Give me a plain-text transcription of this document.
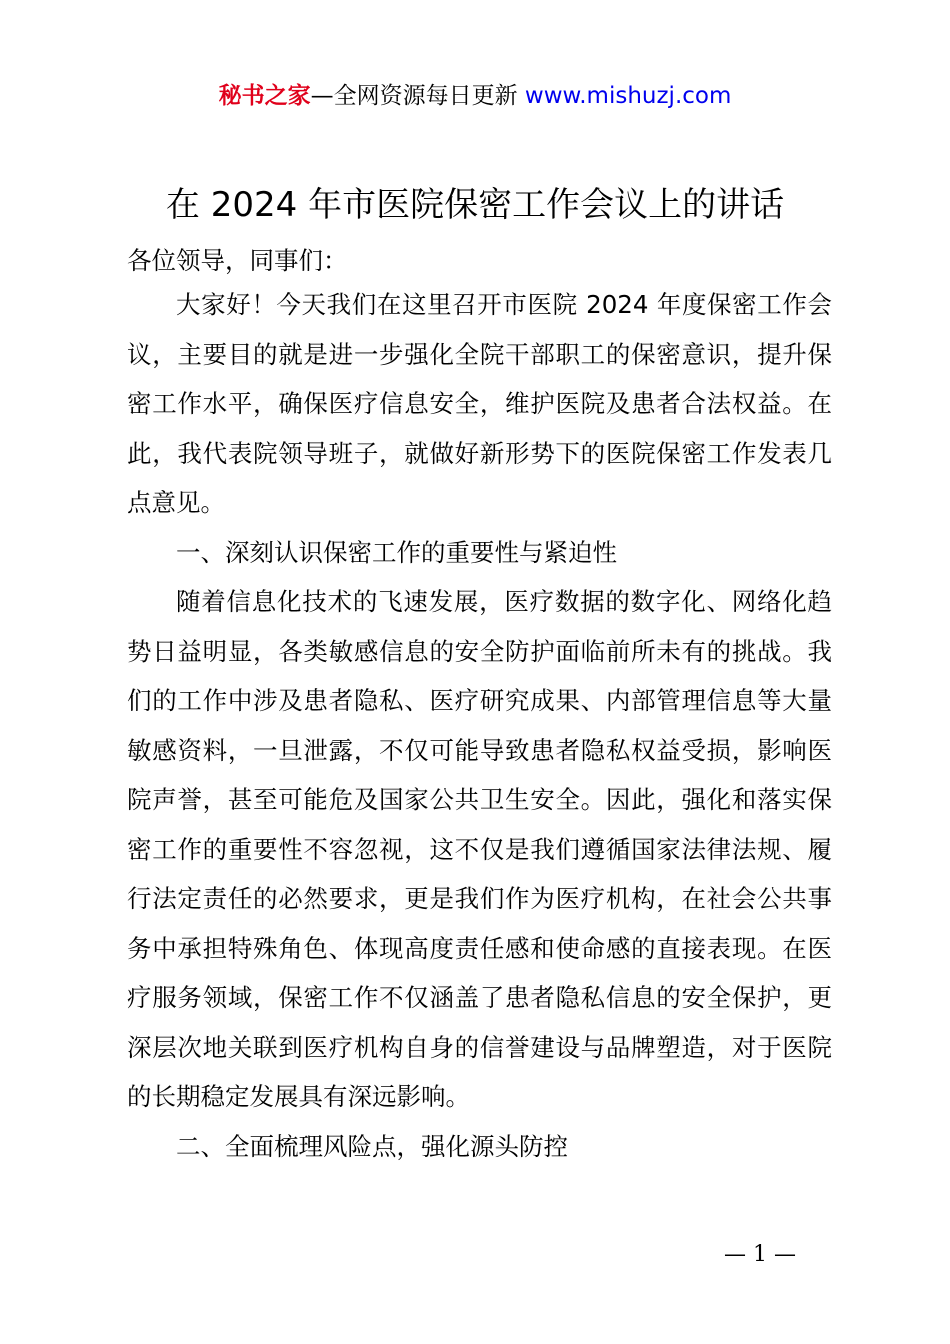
秘书之家—全网资源每日更新 www.mishuzj.com
在 2024 年市医院保密工作会议上的讲话
各位领导，同事们：

大家好！今天我们在这里召开市医院 2024 年度保密工作会议，主要目的就是进一步强化全院干部职工的保密意识，提升保密工作水平，确保医疗信息安全，维护医院及患者合法权益。在此，我代表院领导班子，就做好新形势下的医院保密工作发表几点意见。

一、深刻认识保密工作的重要性与紧迫性

随着信息化技术的飞速发展，医疗数据的数字化、网络化趋势日益明显，各类敏感信息的安全防护面临前所未有的挑战。我们的工作中涉及患者隐私、医疗研究成果、内部管理信息等大量敏感资料，一旦泄露，不仅可能导致患者隐私权益受损，影响医院声誉，甚至可能危及国家公共卫生安全。因此，强化和落实保密工作的重要性不容忽视，这不仅是我们遵循国家法律法规、履行法定责任的必然要求，更是我们作为医疗机构，在社会公共事务中承担特殊角色、体现高度责任感和使命感的直接表现。在医疗服务领域，保密工作不仅涵盖了患者隐私信息的安全保护，更深层次地关联到医疗机构自身的信誉建设与品牌塑造，对于医院的长期稳定发展具有深远影响。

二、全面梳理风险点，强化源头防控

— 1 —
